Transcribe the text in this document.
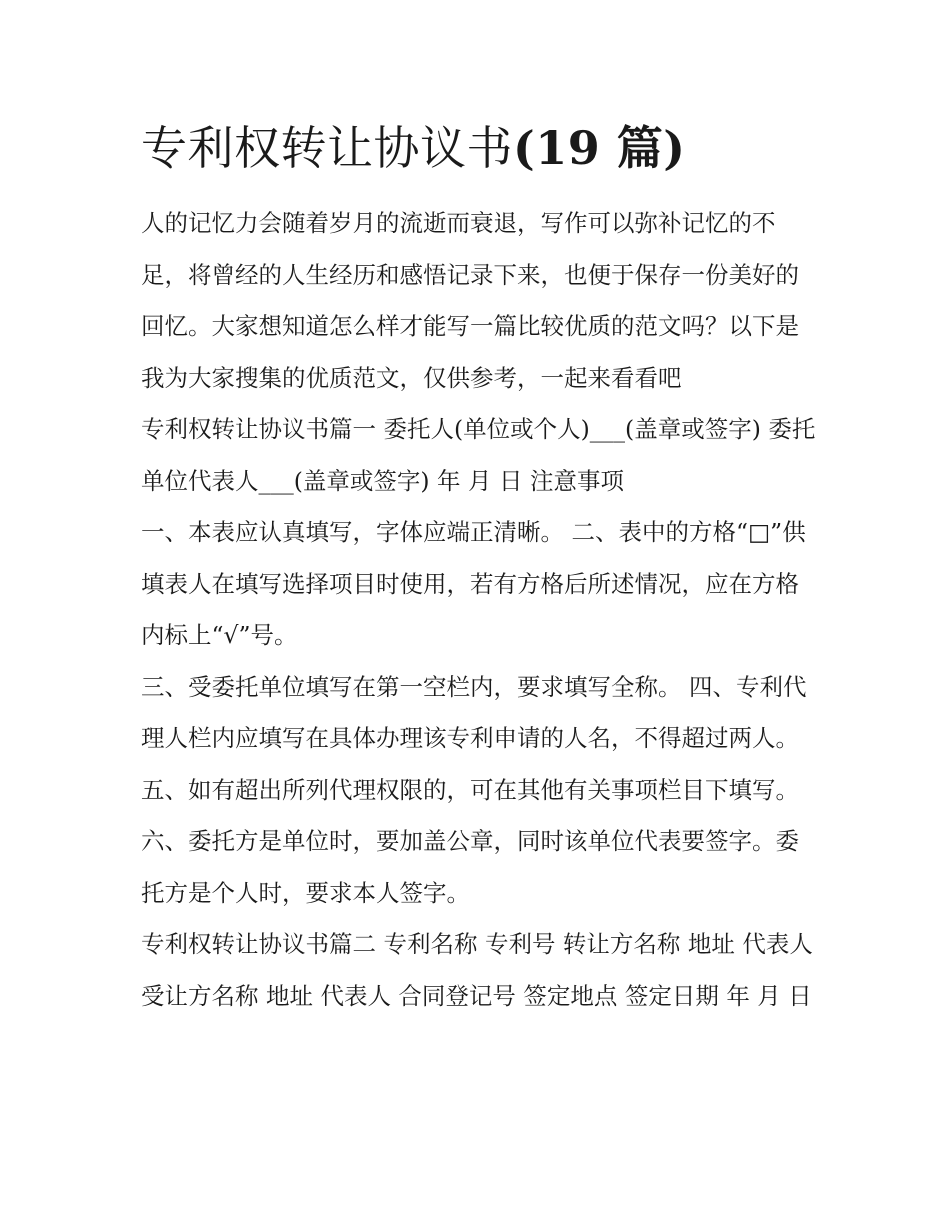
专利权转让协议书(19 篇)

人的记忆力会随着岁月的流逝而衰退，写作可以弥补记忆的不足，将曾经的人生经历和感悟记录下来，也便于保存一份美好的回忆。大家想知道怎么样才能写一篇比较优质的范文吗？以下是我为大家搜集的优质范文，仅供参考，一起来看看吧

专利权转让协议书篇一 委托人(单位或个人)___(盖章或签字) 委托单位代表人___(盖章或签字) 年 月 日 注意事项

一、本表应认真填写，字体应端正清晰。 二、表中的方格“□”供填表人在填写选择项目时使用，若有方格后所述情况，应在方格内标上“√”号。

三、受委托单位填写在第一空栏内，要求填写全称。 四、专利代理人栏内应填写在具体办理该专利申请的人名，不得超过两人。

五、如有超出所列代理权限的，可在其他有关事项栏目下填写。 六、委托方是单位时，要加盖公章，同时该单位代表要签字。委托方是个人时，要求本人签字。

专利权转让协议书篇二 专利名称 专利号 转让方名称 地址 代表人 受让方名称 地址 代表人 合同登记号 签定地点 签定日期 年 月 日
